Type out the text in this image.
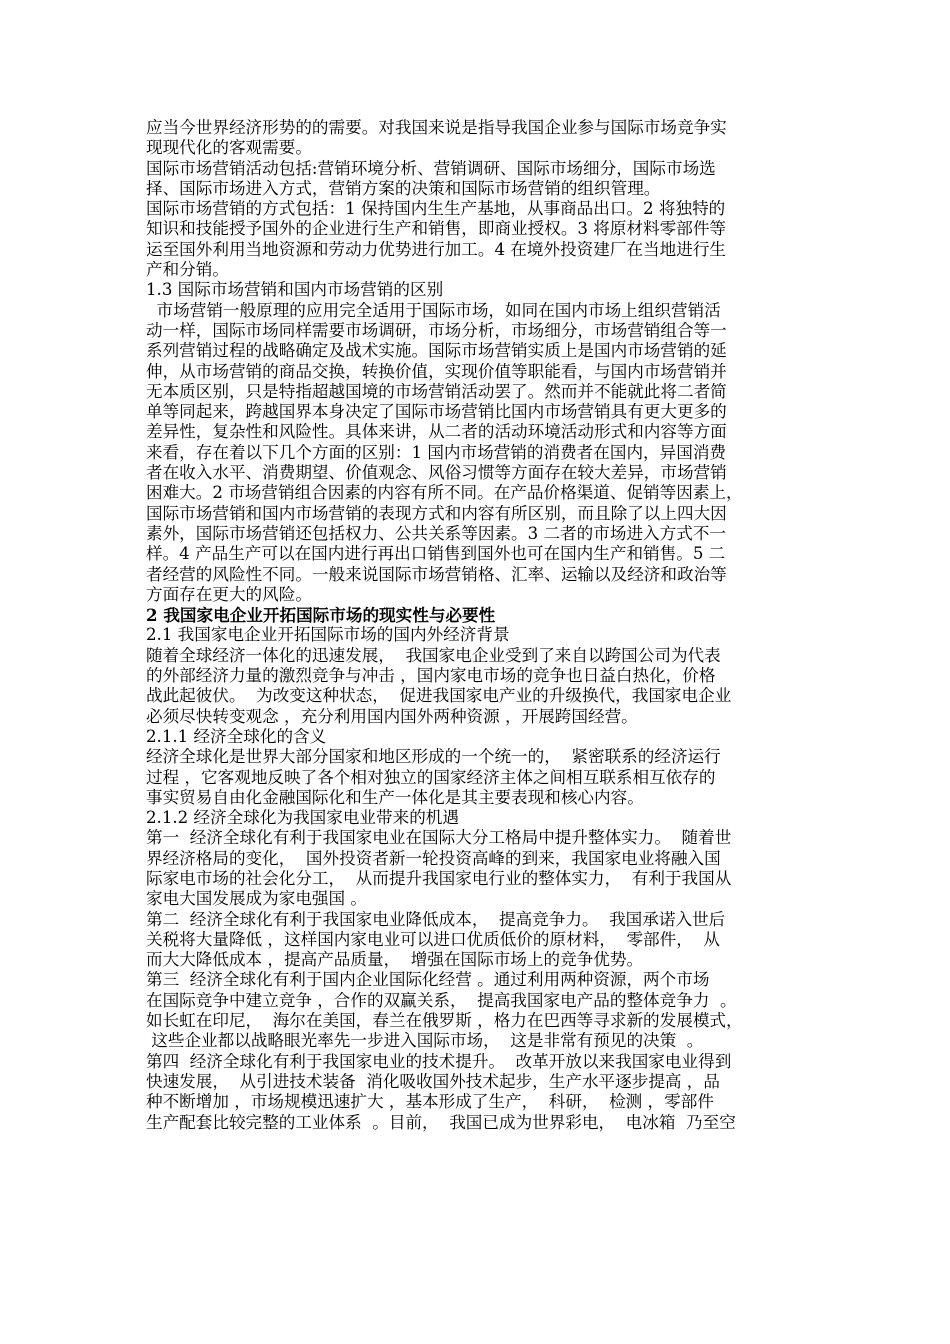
应当今世界经济形势的的需要。对我国来说是指导我国企业参与国际市场竞争实

现现代化的客观需要。

国际市场营销活动包括:营销环境分析、营销调研、国际市场细分，国际市场选

择、国际市场进入方式，营销方案的决策和国际市场营销的组织管理。

国际市场营销的方式包括：1 保持国内生生产基地，从事商品出口。2 将独特的

知识和技能授予国外的企业进行生产和销售，即商业授权。3 将原材料零部件等

运至国外利用当地资源和劳动力优势进行加工。4 在境外投资建厂在当地进行生

产和分销。

1.3 国际市场营销和国内市场营销的区别

市场营销一般原理的应用完全适用于国际市场，如同在国内市场上组织营销活

动一样，国际市场同样需要市场调研，市场分析，市场细分，市场营销组合等一

系列营销过程的战略确定及战术实施。国际市场营销实质上是国内市场营销的延

伸，从市场营销的商品交换，转换价值，实现价值等职能看，与国内市场营销并

无本质区别，只是特指超越国境的市场营销活动罢了。然而并不能就此将二者简

单等同起来，跨越国界本身决定了国际市场营销比国内市场营销具有更大更多的

差异性，复杂性和风险性。具体来讲，从二者的活动环境活动形式和内容等方面

来看，存在着以下几个方面的区别：1 国内市场营销的消费者在国内，异国消费

者在收入水平、消费期望、价值观念、风俗习惯等方面存在较大差异，市场营销

困难大。2 市场营销组合因素的内容有所不同。在产品价格渠道、促销等因素上，

国际市场营销和国内市场营销的表现方式和内容有所区别，而且除了以上四大因

素外，国际市场营销还包括权力、公共关系等因素。3 二者的市场进入方式不一

样。4 产品生产可以在国内进行再出口销售到国外也可在国内生产和销售。5 二

者经营的风险性不同。一般来说国际市场营销格、汇率、运输以及经济和政治等

方面存在更大的风险。

2 我国家电企业开拓国际市场的现实性与必要性

2.1 我国家电企业开拓国际市场的国内外经济背景

随着全球经济一体化的迅速发展，  我国家电企业受到了来自以跨国公司为代表

的外部经济力量的激烈竞争与冲击 ，国内家电市场的竞争也日益白热化，价格

战此起彼伏。  为改变这种状态，  促进我国家电产业的升级换代，我国家电企业

必须尽快转变观念 ，充分利用国内国外两种资源 ，开展跨国经营。

2.1.1 经济全球化的含义

经济全球化是世界大部分国家和地区形成的一个统一的，  紧密联系的经济运行

过程 ，它客观地反映了各个相对独立的国家经济主体之间相互联系相互依存的

事实贸易自由化金融国际化和生产一体化是其主要表现和核心内容。

2.1.2 经济全球化为我国家电业带来的机遇

第一  经济全球化有利于我国家电业在国际大分工格局中提升整体实力。  随着世

界经济格局的变化，  国外投资者新一轮投资高峰的到来，我国家电业将融入国

际家电市场的社会化分工，  从而提升我国家电行业的整体实力，  有利于我国从

家电大国发展成为家电强国 。

第二  经济全球化有利于我国家电业降低成本，  提高竞争力。  我国承诺入世后

关税将大量降低 ，这样国内家电业可以进口优质低价的原材料，  零部件，  从

而大大降低成本 ，提高产品质量，  增强在国际市场上的竞争优势。

第三  经济全球化有利于国内企业国际化经营 。通过利用两种资源，两个市场

在国际竞争中建立竞争 ，合作的双赢关系，  提高我国家电产品的整体竞争力  。

如长虹在印尼，  海尔在美国，春兰在俄罗斯 ，格力在巴西等寻求新的发展模式，

这些企业都以战略眼光率先一步进入国际市场，  这是非常有预见的决策  。

第四  经济全球化有利于我国家电业的技术提升。  改革开放以来我国家电业得到

快速发展，  从引进技术装备  消化吸收国外技术起步，生产水平逐步提高 ，品

种不断增加 ，市场规模迅速扩大 ，基本形成了生产，  科研，  检测 ，零部件

生产配套比较完整的工业体系  。目前，  我国已成为世界彩电，  电冰箱  乃至空
